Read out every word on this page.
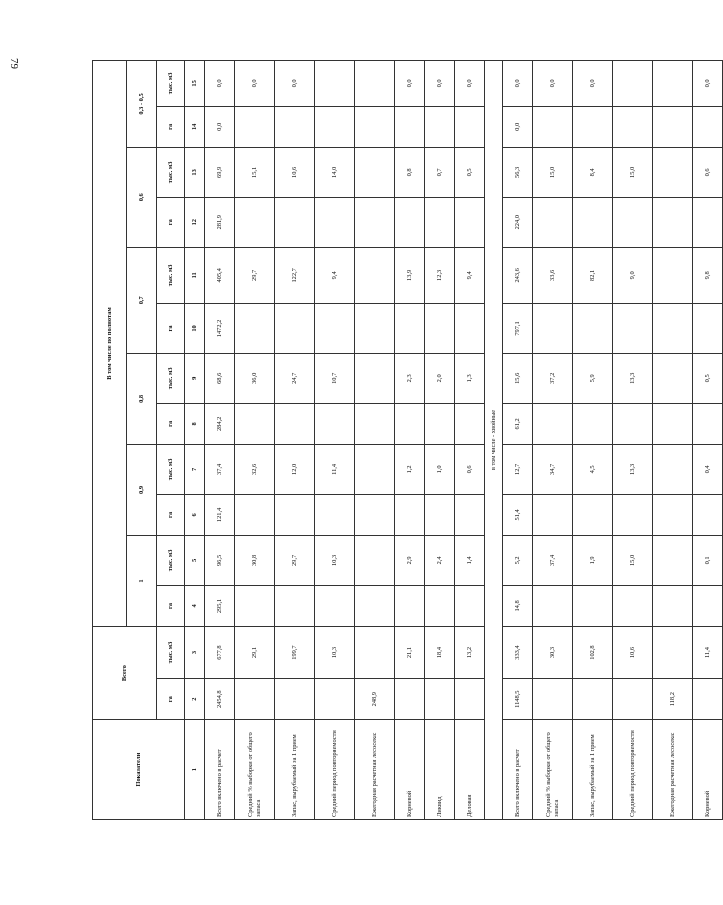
79
Показатели	Всего		В том числе по полнотам											
			1		0,9		0,8		0,7		0,6		0,3 - 0,5	
	га	тыс. м3	га	тыс. м3	га	тыс. м3	га	тыс. м3	га	тыс. м3	га	тыс. м3	га	тыс. м3
1	2	3	4	5	6	7	8	9	10	11	12	13	14	15
Всего включено в расчет	2454,8	677,8	295,1	96,5	121,4	37,4	284,2	68,6	1472,2	405,4	281,9	69,9	0,0	0,0
Средний % выборки от общего запаса		29,1		30,8		32,6		36,0		29,7		15,1		0,0
Запас, вырубаемый за 1 прием		199,7		29,7		12,0		24,7		122,7		10,6		0,0
Средний период повторяемости		10,3		10,3		11,4		10,7		9,4		14,0		
Ежегодная расчетная лесосека:	248,9													
Корневой		21,1		2,9		1,2		2,3		13,9		0,8		0,0
Ликвид		18,4		2,4		1,0		2,0		12,3		0,7		0,0
Деловая		13,2		1,4		0,6		1,3		9,4		0,5		0,0
в том числе - хвойные														
Всего включено в расчет	1148,5	333,4	14,8	5,2	51,4	12,7	61,2	15,6	797,1	243,6	224,0	56,3	0,0	0,0
Средний % выборки от общего запаса		30,3		37,4		34,7		37,2		33,6		15,0		0,0
Запас, вырубаемый за 1 прием		102,8		1,9		4,5		5,9		82,1		8,4		0,0
Средний период повторяемости		10,6		15,0		13,3		13,3		9,0		15,0		
Ежегодная расчетная лесосека:	118,2													
Корневой		11,4		0,1		0,4		0,5		9,8		0,6		0,0
